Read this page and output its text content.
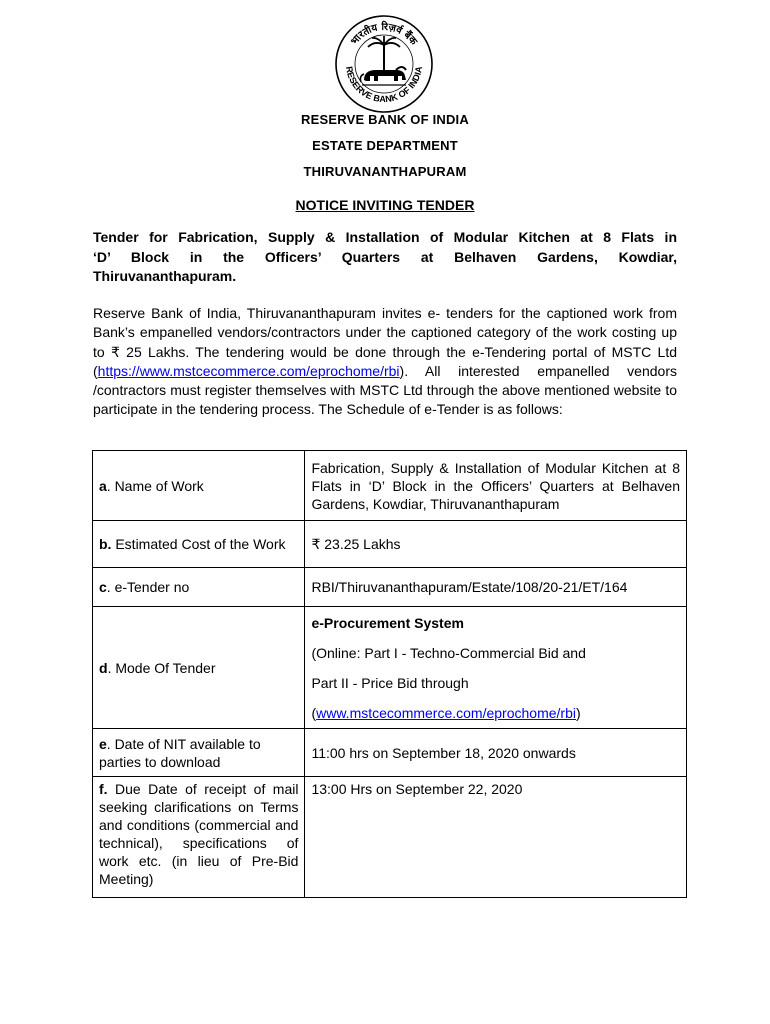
भारतीय रिज़र्व बैंक
RESERVE BANK OF INDIA
RESERVE BANK OF INDIA
ESTATE DEPARTMENT
THIRUVANANTHAPURAM
NOTICE INVITING TENDER
Tender for Fabrication, Supply & Installation of Modular Kitchen at 8 Flats in
‘D’ Block in the Officers’ Quarters at Belhaven Gardens, Kowdiar,
Thiruvananthapuram.
Reserve Bank of India, Thiruvananthapuram invites e- tenders for the captioned work from Bank’s empanelled vendors/contractors under the captioned category of the work costing up to ₹ 25 Lakhs. The tendering would be done through the e-Tendering portal of MSTC Ltd (https://www.mstcecommerce.com/eprochome/rbi). All interested empanelled vendors /contractors must register themselves with MSTC Ltd through the above mentioned website to participate in the tendering process. The Schedule of e-Tender is as follows:
a. Name of Work	Fabrication, Supply & Installation of Modular Kitchen at 8 Flats in ‘D’ Block in the Officers’ Quarters at Belhaven Gardens, Kowdiar, Thiruvananthapuram
b. Estimated Cost of the Work	₹ 23.25 Lakhs
c. e-Tender no	RBI/Thiruvananthapuram/Estate/108/20-21/ET/164
d. Mode Of Tender	e-Procurement System

(Online: Part I - Techno-Commercial Bid and

Part II - Price Bid through

(www.mstcecommerce.com/eprochome/rbi)

e. Date of NIT available to parties to download	11:00 hrs on September 18, 2020 onwards
f. Due Date of receipt of mail seeking clarifications on Terms and conditions (commercial and technical), specifications of work etc. (in lieu of Pre-Bid Meeting)	13:00 Hrs on September 22, 2020
